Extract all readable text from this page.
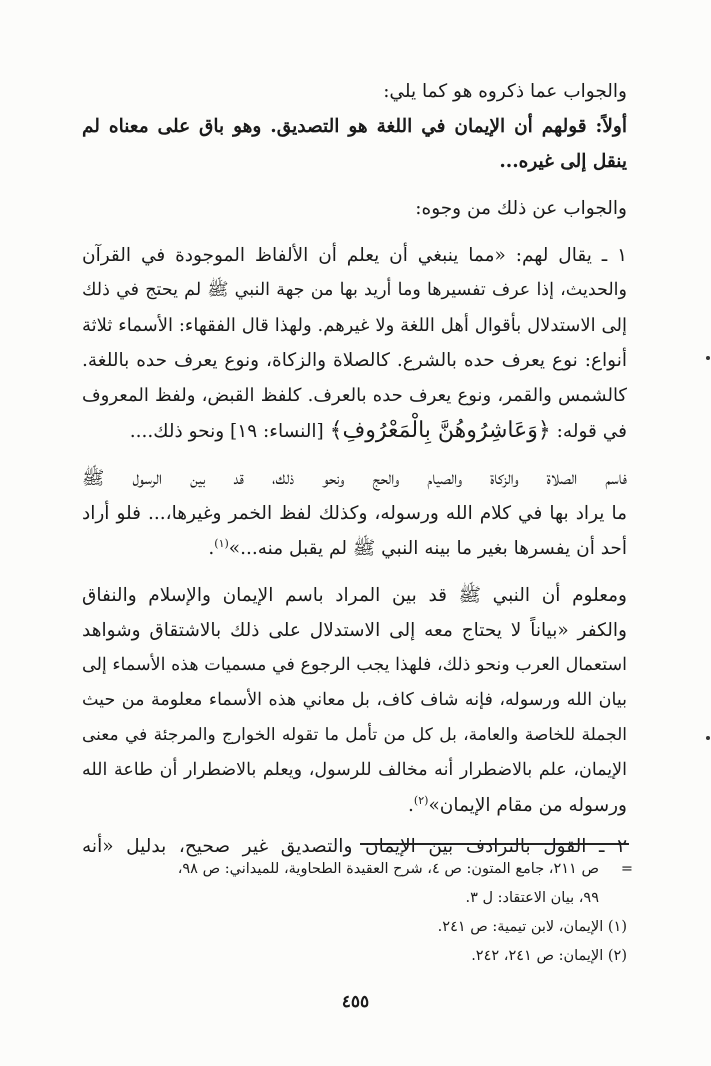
والجواب عما ذكروه هو كما يلي:

أولاً: قولهم أن الإيمان في اللغة هو التصديق. وهو باق على معناه لم

ينقل إلى غيره...

والجواب عن ذلك من وجوه:

١ ـ يقال لهم: «مما ينبغي أن يعلم أن الألفاظ الموجودة في القرآن

والحديث، إذا عرف تفسيرها وما أريد بها من جهة النبي ﷺ لم يحتج في ذلك

إلى الاستدلال بأقوال أهل اللغة ولا غيرهم. ولهذا قال الفقهاء: الأسماء ثلاثة

أنواع: نوع يعرف حده بالشرع. كالصلاة والزكاة، ونوع يعرف حده باللغة.

كالشمس والقمر، ونوع يعرف حده بالعرف. كلفظ القبض، ولفظ المعروف

في قوله: ﴿وَعَاشِرُوهُنَّ بِالْمَعْرُوفِ﴾ [النساء: ١٩] ونحو ذلك....

فاسم الصلاة والزكاة والصيام والحج ونحو ذلك، قد بين الرسول ﷺ

ما يراد بها في كلام الله ورسوله، وكذلك لفظ الخمر وغيرها،... فلو أراد

أحد أن يفسرها بغير ما بينه النبي ﷺ لم يقبل منه...»$^{(١)}$.

ومعلوم أن النبي ﷺ قد بين المراد باسم الإيمان والإسلام والنفاق

والكفر «بياناً لا يحتاج معه إلى الاستدلال على ذلك بالاشتقاق وشواهد

استعمال العرب ونحو ذلك، فلهذا يجب الرجوع في مسميات هذه الأسماء إلى

بيان الله ورسوله، فإنه شاف كاف، بل معاني هذه الأسماء معلومة من حيث

الجملة للخاصة والعامة، بل كل من تأمل ما تقوله الخوارج والمرجئة في معنى

الإيمان، علم بالاضطرار أنه مخالف للرسول، ويعلم بالاضطرار أن طاعة الله

ورسوله من مقام الإيمان»$^{(٢)}$.

٢ ـ القول بالترادف بين الإيمان والتصديق غير صحيح، بدليل «أنه

=
ص ٢١١، جامع المتون: ص ٤، شرح العقيدة الطحاوية، للميداني: ص ٩٨،

٩٩، بيان الاعتقاد: ل ٣.

(١) الإيمان، لابن تيمية: ص ٢٤١.

(٢) الإيمان: ص ٢٤١، ٢٤٢.

٤٥٥
